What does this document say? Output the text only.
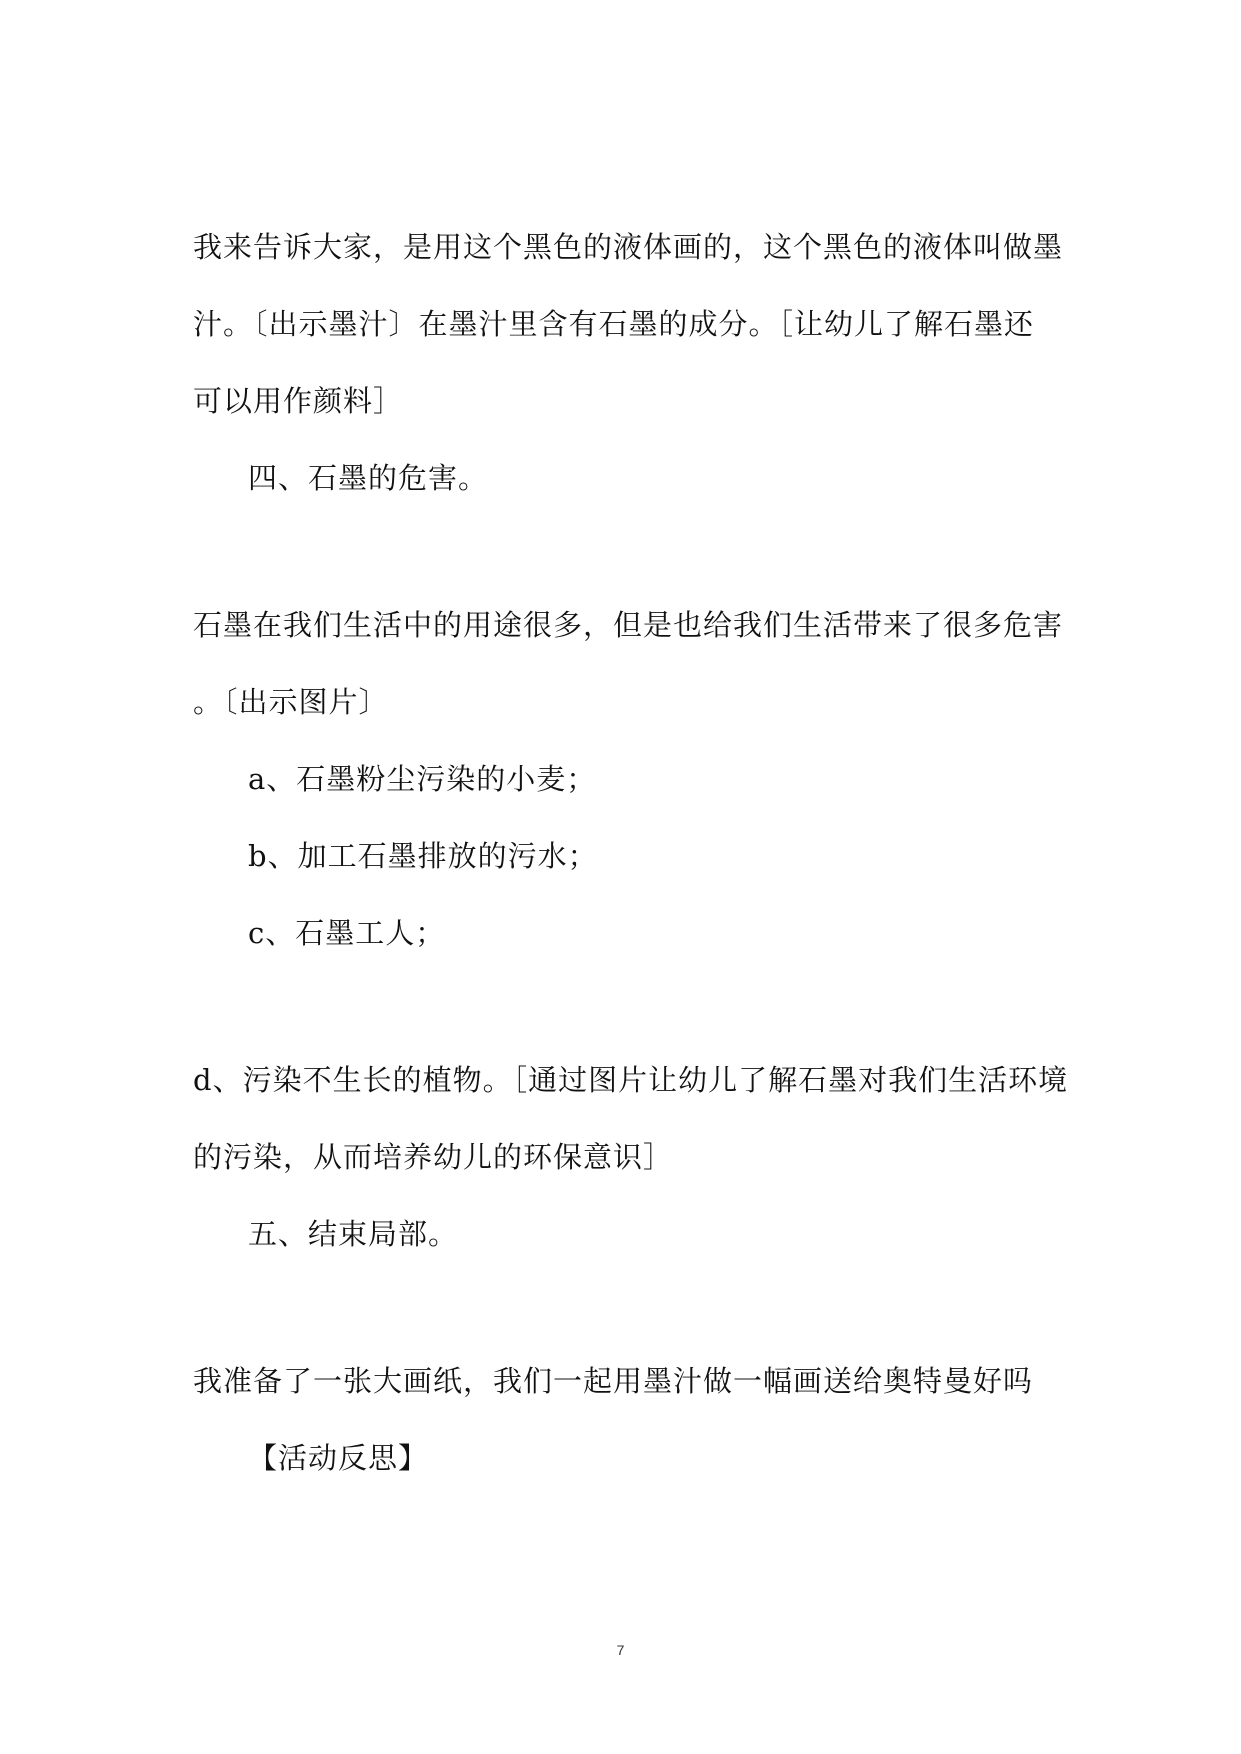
我来告诉大家，是用这个黑色的液体画的，这个黑色的液体叫做墨

汁。〔出示墨汁〕在墨汁里含有石墨的成分。［让幼儿了解石墨还

可以用作颜料］

四、石墨的危害。

石墨在我们生活中的用途很多，但是也给我们生活带来了很多危害

。〔出示图片〕

a、石墨粉尘污染的小麦；

b、加工石墨排放的污水；

c、石墨工人；

d、污染不生长的植物。［通过图片让幼儿了解石墨对我们生活环境

的污染，从而培养幼儿的环保意识］

五、结束局部。

我准备了一张大画纸，我们一起用墨汁做一幅画送给奥特曼好吗

【活动反思】

7
